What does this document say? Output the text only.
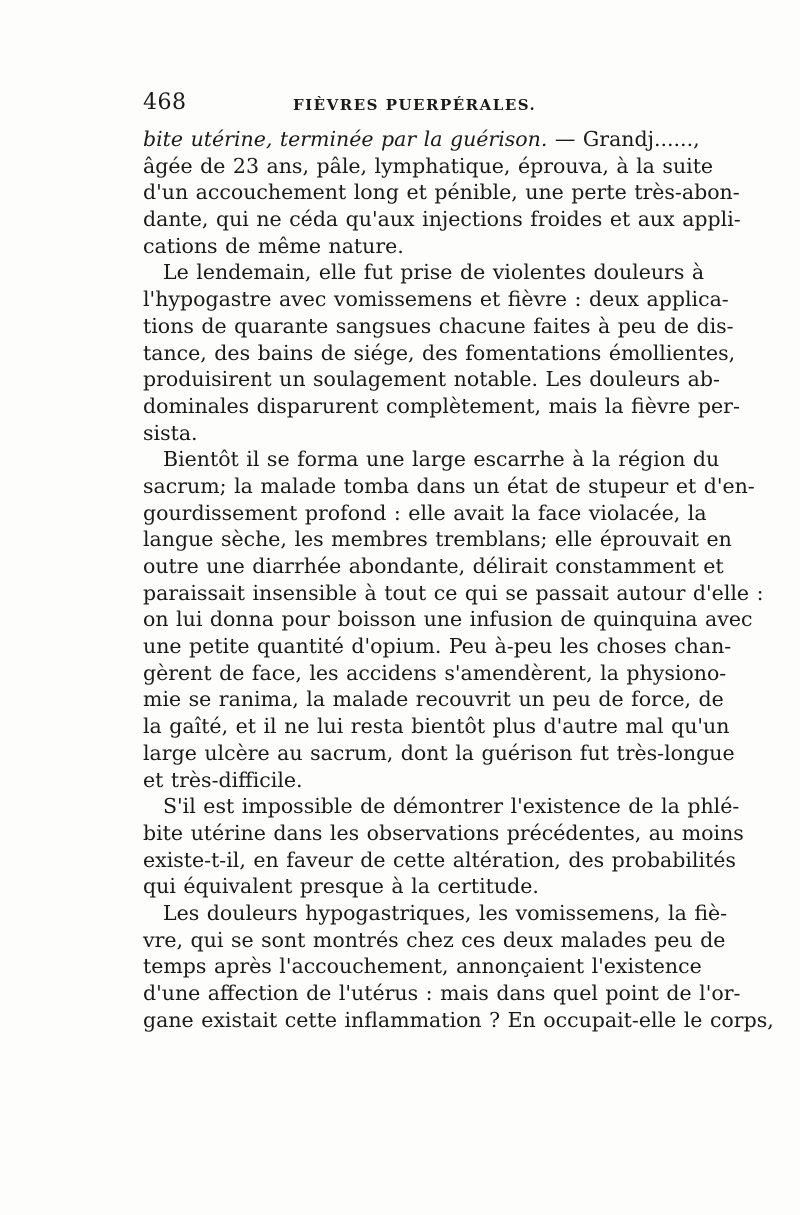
468	FIÈVRES PUERPÉRALES.
bite utérine, terminée par la guérison. — Grandj......,
âgée de 23 ans, pâle, lymphatique, éprouva, à la suite
d'un accouchement long et pénible, une perte très-abon-
dante, qui ne céda qu'aux injections froides et aux appli-
cations de même nature.
Le lendemain, elle fut prise de violentes douleurs à
l'hypogastre avec vomissemens et fièvre : deux applica-
tions de quarante sangsues chacune faites à peu de dis-
tance, des bains de siége, des fomentations émollientes,
produisirent un soulagement notable. Les douleurs ab-
dominales disparurent complètement, mais la fièvre per-
sista.
Bientôt il se forma une large escarrhe à la région du
sacrum; la malade tomba dans un état de stupeur et d'en-
gourdissement profond : elle avait la face violacée, la
langue sèche, les membres tremblans; elle éprouvait en
outre une diarrhée abondante, délirait constamment et
paraissait insensible à tout ce qui se passait autour d'elle :
on lui donna pour boisson une infusion de quinquina avec
une petite quantité d'opium. Peu à-peu les choses chan-
gèrent de face, les accidens s'amendèrent, la physiono-
mie se ranima, la malade recouvrit un peu de force, de
la gaîté, et il ne lui resta bientôt plus d'autre mal qu'un
large ulcère au sacrum, dont la guérison fut très-longue
et très-difficile.
S'il est impossible de démontrer l'existence de la phlé-
bite utérine dans les observations précédentes, au moins
existe-t-il, en faveur de cette altération, des probabilités
qui équivalent presque à la certitude.
Les douleurs hypogastriques, les vomissemens, la fiè-
vre, qui se sont montrés chez ces deux malades peu de
temps après l'accouchement, annonçaient l'existence
d'une affection de l'utérus : mais dans quel point de l'or-
gane existait cette inflammation ? En occupait-elle le corps,
